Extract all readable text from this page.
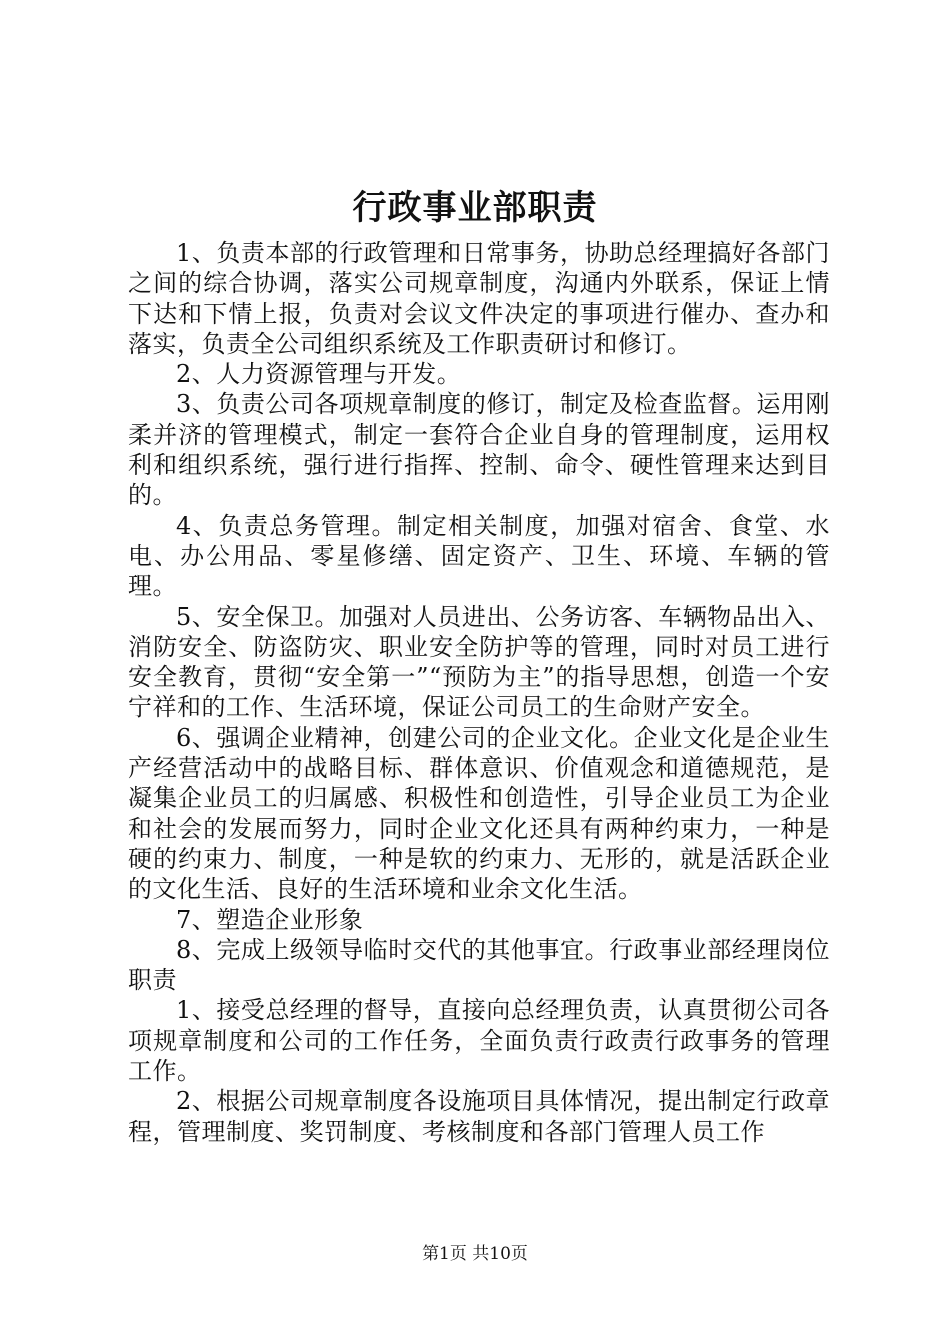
行政事业部职责

1、负责本部的行政管理和日常事务，协助总经理搞好各部门之间的综合协调，落实公司规章制度，沟通内外联系，保证上情下达和下情上报，负责对会议文件决定的事项进行催办、查办和落实，负责全公司组织系统及工作职责研讨和修订。

2、人力资源管理与开发。

3、负责公司各项规章制度的修订，制定及检查监督。运用刚柔并济的管理模式，制定一套符合企业自身的管理制度，运用权利和组织系统，强行进行指挥、控制、命令、硬性管理来达到目的。

4、负责总务管理。制定相关制度，加强对宿舍、食堂、水电、办公用品、零星修缮、固定资产、卫生、环境、车辆的管理。

5、安全保卫。加强对人员进出、公务访客、车辆物品出入、消防安全、防盗防灾、职业安全防护等的管理，同时对员工进行安全教育，贯彻“安全第一”“预防为主”的指导思想，创造一个安宁祥和的工作、生活环境，保证公司员工的生命财产安全。

6、强调企业精神，创建公司的企业文化。企业文化是企业生产经营活动中的战略目标、群体意识、价值观念和道德规范，是凝集企业员工的归属感、积极性和创造性，引导企业员工为企业和社会的发展而努力，同时企业文化还具有两种约束力，一种是硬的约束力、制度，一种是软的约束力、无形的，就是活跃企业的文化生活、良好的生活环境和业余文化生活。

7、塑造企业形象

8、完成上级领导临时交代的其他事宜。行政事业部经理岗位职责

1、接受总经理的督导，直接向总经理负责，认真贯彻公司各项规章制度和公司的工作任务，全面负责行政责行政事务的管理工作。

2、根据公司规章制度各设施项目具体情况，提出制定行政章程，管理制度、奖罚制度、考核制度和各部门管理人员工作

第1页 共10页
